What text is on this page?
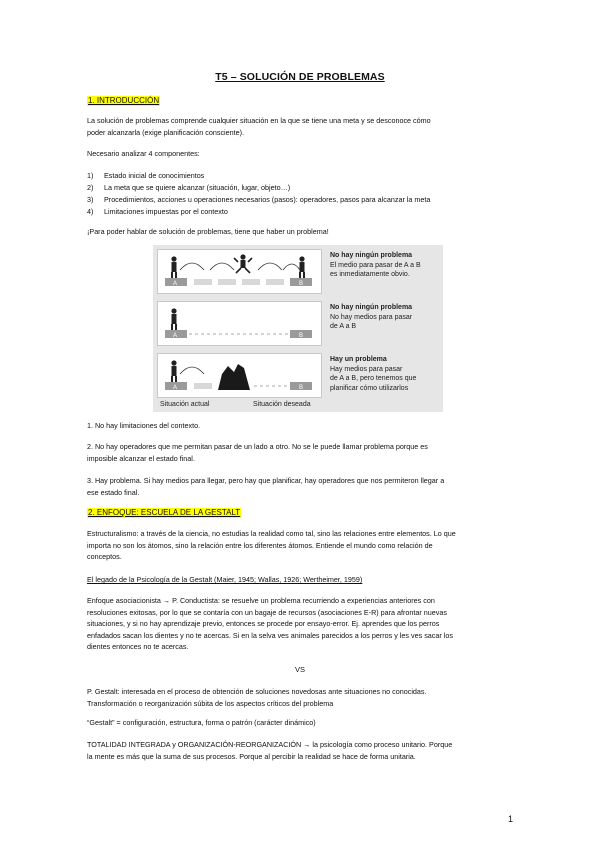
T5 – SOLUCIÓN DE PROBLEMAS
1. INTRODUCCIÓN
La solución de problemas comprende cualquier situación en la que se tiene una meta y se desconoce cómo
poder alcanzarla (exige planificación consciente).
Necesario analizar 4 componentes:
1) Estado inicial de conocimientos
2) La meta que se quiere alcanzar (situación, lugar, objeto…)
3) Procedimientos, acciones u operaciones necesarios (pasos): operadores, pasos para alcanzar la meta
4) Limitaciones impuestas por el contexto
¡Para poder hablar de solución de problemas, tiene que haber un problema!
A	B
No hay ningún problema
El medio para pasar de A a B
es inmediatamente obvio.
A	B
No hay ningún problema
No hay medios para pasar
de A a B
A	B
Hay un problema
Hay medios para pasar
de A a B, pero tenemos que
planificar cómo utilizarlos
Situación actual	Situación deseada
1. No hay limitaciones del contexto.
2. No hay operadores que me permitan pasar de un lado a otro. No se le puede llamar problema porque es
imposible alcanzar el estado final.
3. Hay problema. Si hay medios para llegar, pero hay que planificar, hay operadores que nos permiteron llegar a
ese estado final.
2. ENFOQUE: ESCUELA DE LA GESTALT
Estructuralismo: a través de la ciencia, no estudias la realidad como tal, sino las relaciones entre elementos. Lo que
importa no son los átomos, sino la relación entre los diferentes átomos. Entiende el mundo como relación de
conceptos.
El legado de la Psicología de la Gestalt (Maier, 1945; Wallas, 1926; Wertheimer, 1959)
Enfoque asociacionista → P. Conductista: se resuelve un problema recurriendo a experiencias anteriores con
resoluciones exitosas, por lo que se contaría con un bagaje de recursos (asociaciones E-R) para afrontar nuevas
situaciones, y si no hay aprendizaje previo, entonces se procede por ensayo-error. Ej. aprendes que los perros
enfadados sacan los dientes y no te acercas. Si en la selva ves animales parecidos a los perros y les ves sacar los
dientes entonces no te acercas.
VS
P. Gestalt: interesada en el proceso de obtención de soluciones novedosas ante situaciones no conocidas.
Transformación o reorganización súbita de los aspectos críticos del problema
“Gestalt” = configuración, estructura, forma o patrón (carácter dinámico)
TOTALIDAD INTEGRADA y ORGANIZACIÓN-REORGANIZACIÓN → la psicología como proceso unitario. Porque
la mente es más que la suma de sus procesos. Porque al percibir la realidad se hace de forma unitaria.
1
